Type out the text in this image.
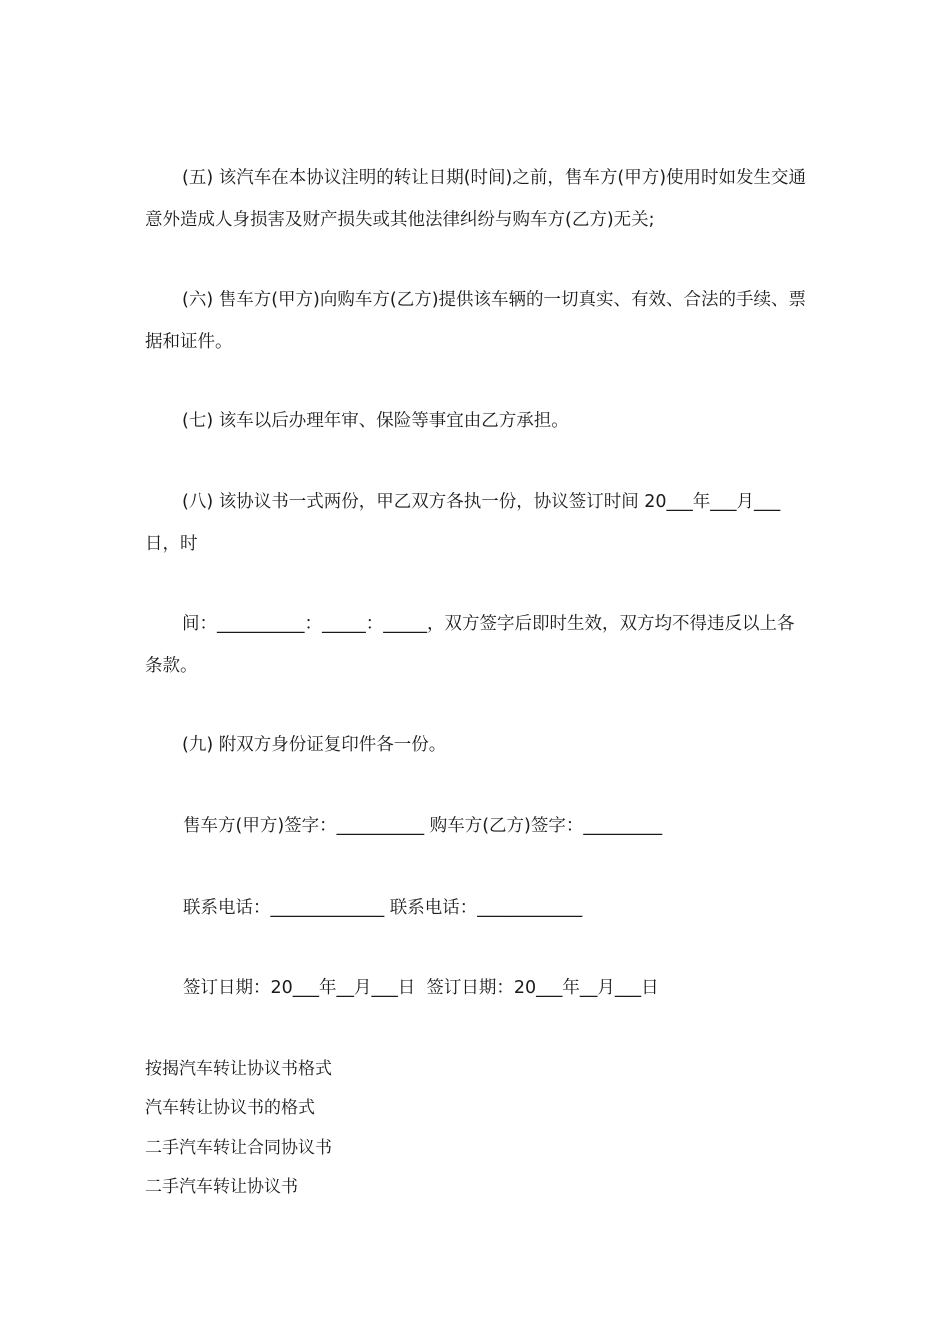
(五) 该汽车在本协议注明的转让日期(时间)之前，售车方(甲方)使用时如发生交通意外造成人身损害及财产损失或其他法律纠纷与购车方(乙方)无关;

(六) 售车方(甲方)向购车方(乙方)提供该车辆的一切真实、有效、合法的手续、票据和证件。

(七) 该车以后办理年审、保险等事宜由乙方承担。

(八) 该协议书一式两份，甲乙双方各执一份，协议签订时间 20___年___月___日，时

间：__________：_____：_____，双方签字后即时生效，双方均不得违反以上各条款。

(九) 附双方身份证复印件各一份。

售车方(甲方)签字：__________ 购车方(乙方)签字：_________

联系电话：_____________ 联系电话：____________

签订日期：20___年__月___日  签订日期：20___年__月___日

按揭汽车转让协议书格式

汽车转让协议书的格式

二手汽车转让合同协议书

二手汽车转让协议书
